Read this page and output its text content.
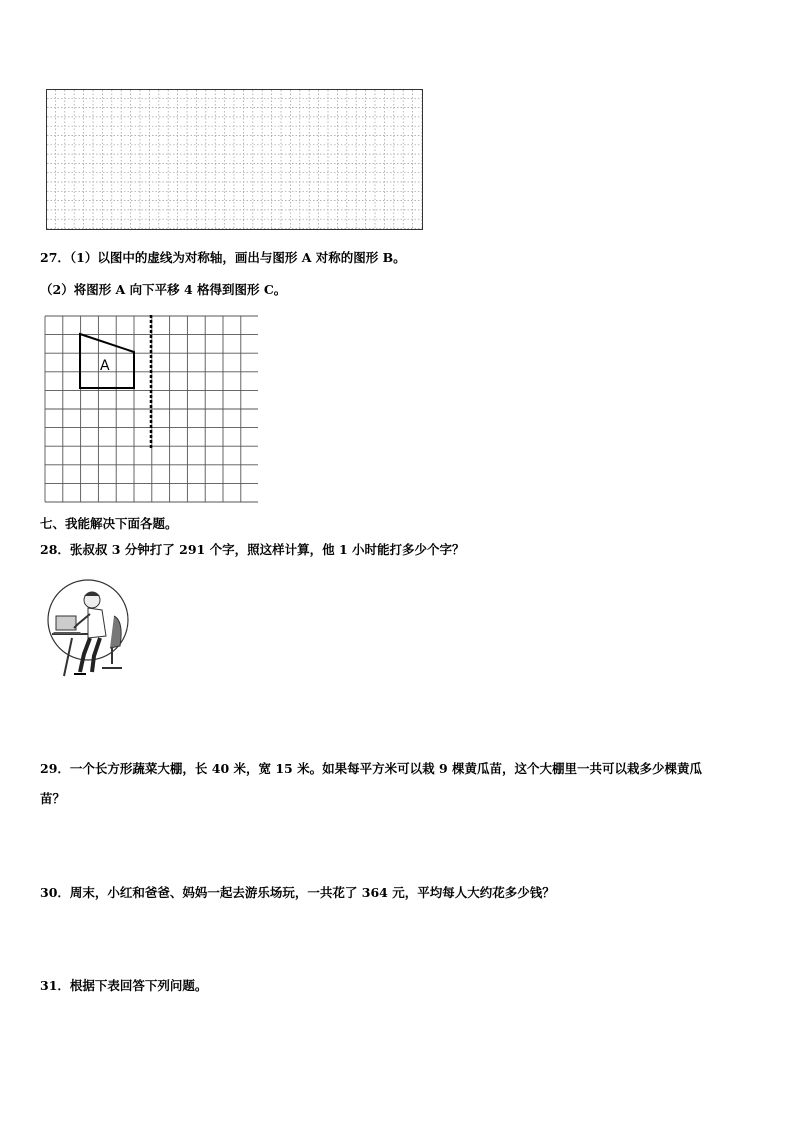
27．（1）以图中的虚线为对称轴，画出与图形 A 对称的图形 B。
（2）将图形 A 向下平移 4 格得到图形 C。
A
七、我能解决下面各题。
28．张叔叔 3 分钟打了 291 个字，照这样计算，他 1 小时能打多少个字？
29．一个长方形蔬菜大棚，长 40 米，宽 15 米。如果每平方米可以栽 9 棵黄瓜苗，这个大棚里一共可以栽多少棵黄瓜
苗？
30．周末，小红和爸爸、妈妈一起去游乐场玩，一共花了 364 元，平均每人大约花多少钱？
31．根据下表回答下列问题。
